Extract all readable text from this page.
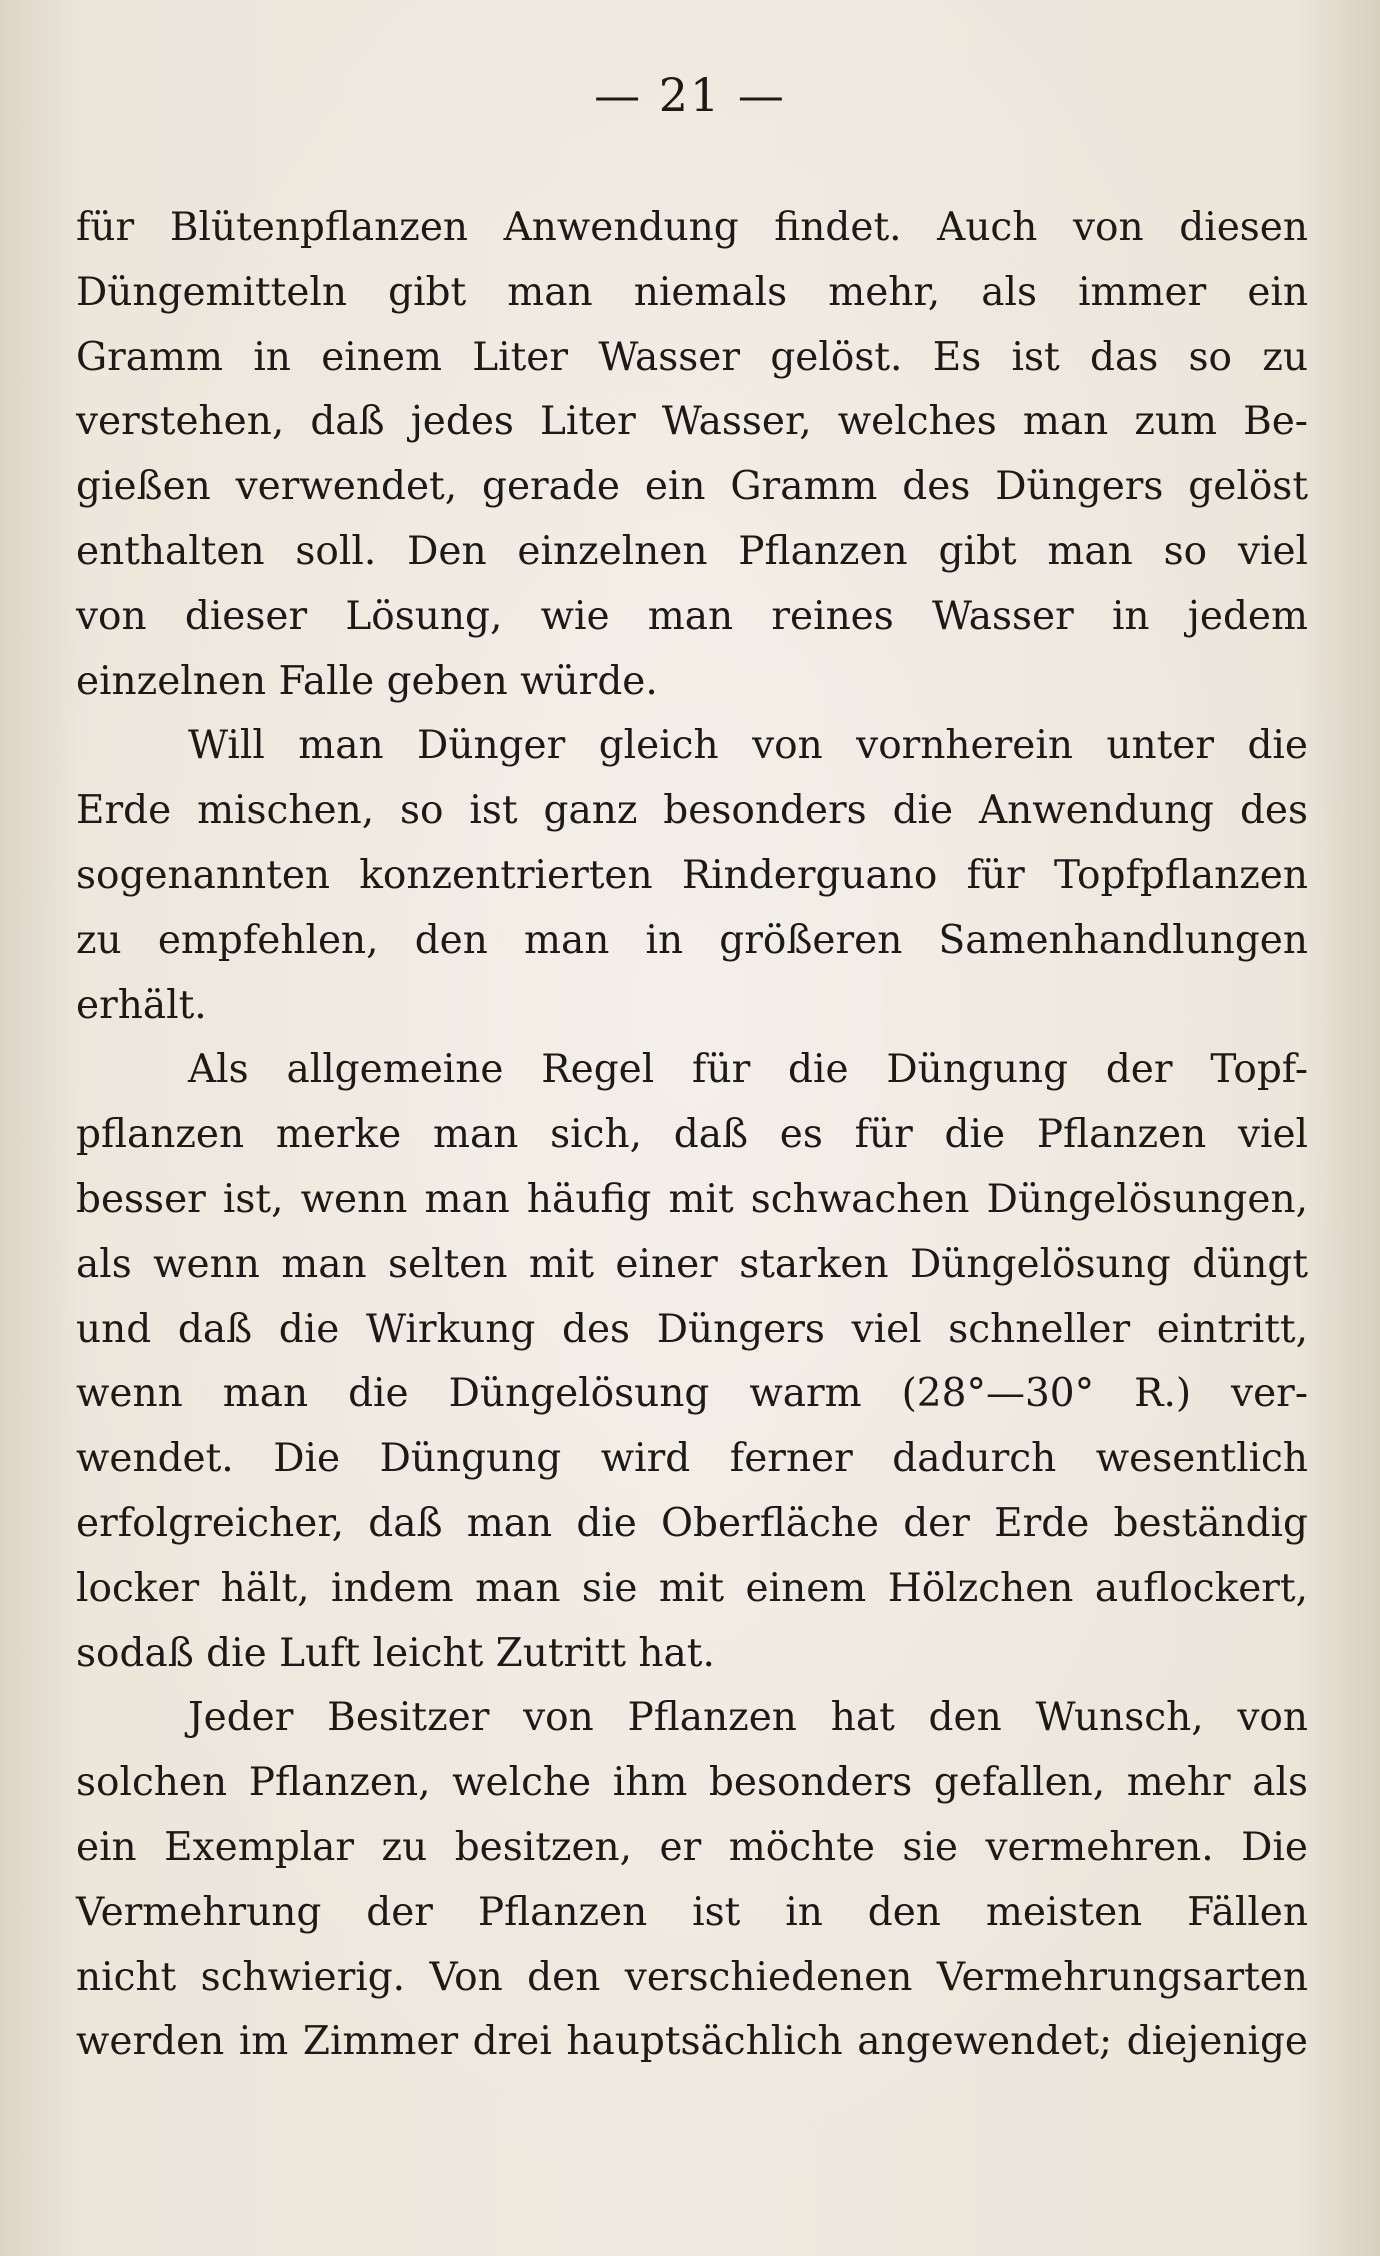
— 21 —
für Blütenpflanzen Anwendung findet. Auch von diesen
Düngemitteln gibt man niemals mehr, als immer ein
Gramm in einem Liter Wasser gelöst. Es ist das so zu
verstehen, daß jedes Liter Wasser, welches man zum Be-
gießen verwendet, gerade ein Gramm des Düngers gelöst
enthalten soll. Den einzelnen Pflanzen gibt man so viel
von dieser Lösung, wie man reines Wasser in jedem
einzelnen Falle geben würde.
Will man Dünger gleich von vornherein unter die
Erde mischen, so ist ganz besonders die Anwendung des
sogenannten konzentrierten Rinderguano für Topfpflanzen
zu empfehlen, den man in größeren Samenhandlungen
erhält.
Als allgemeine Regel für die Düngung der Topf-
pflanzen merke man sich, daß es für die Pflanzen viel
besser ist, wenn man häufig mit schwachen Düngelösungen,
als wenn man selten mit einer starken Düngelösung düngt
und daß die Wirkung des Düngers viel schneller eintritt,
wenn man die Düngelösung warm (28°—30° R.) ver-
wendet. Die Düngung wird ferner dadurch wesentlich
erfolgreicher, daß man die Oberfläche der Erde beständig
locker hält, indem man sie mit einem Hölzchen auflockert,
sodaß die Luft leicht Zutritt hat.
Jeder Besitzer von Pflanzen hat den Wunsch, von
solchen Pflanzen, welche ihm besonders gefallen, mehr als
ein Exemplar zu besitzen, er möchte sie vermehren. Die
Vermehrung der Pflanzen ist in den meisten Fällen
nicht schwierig. Von den verschiedenen Vermehrungsarten
werden im Zimmer drei hauptsächlich angewendet; diejenige
